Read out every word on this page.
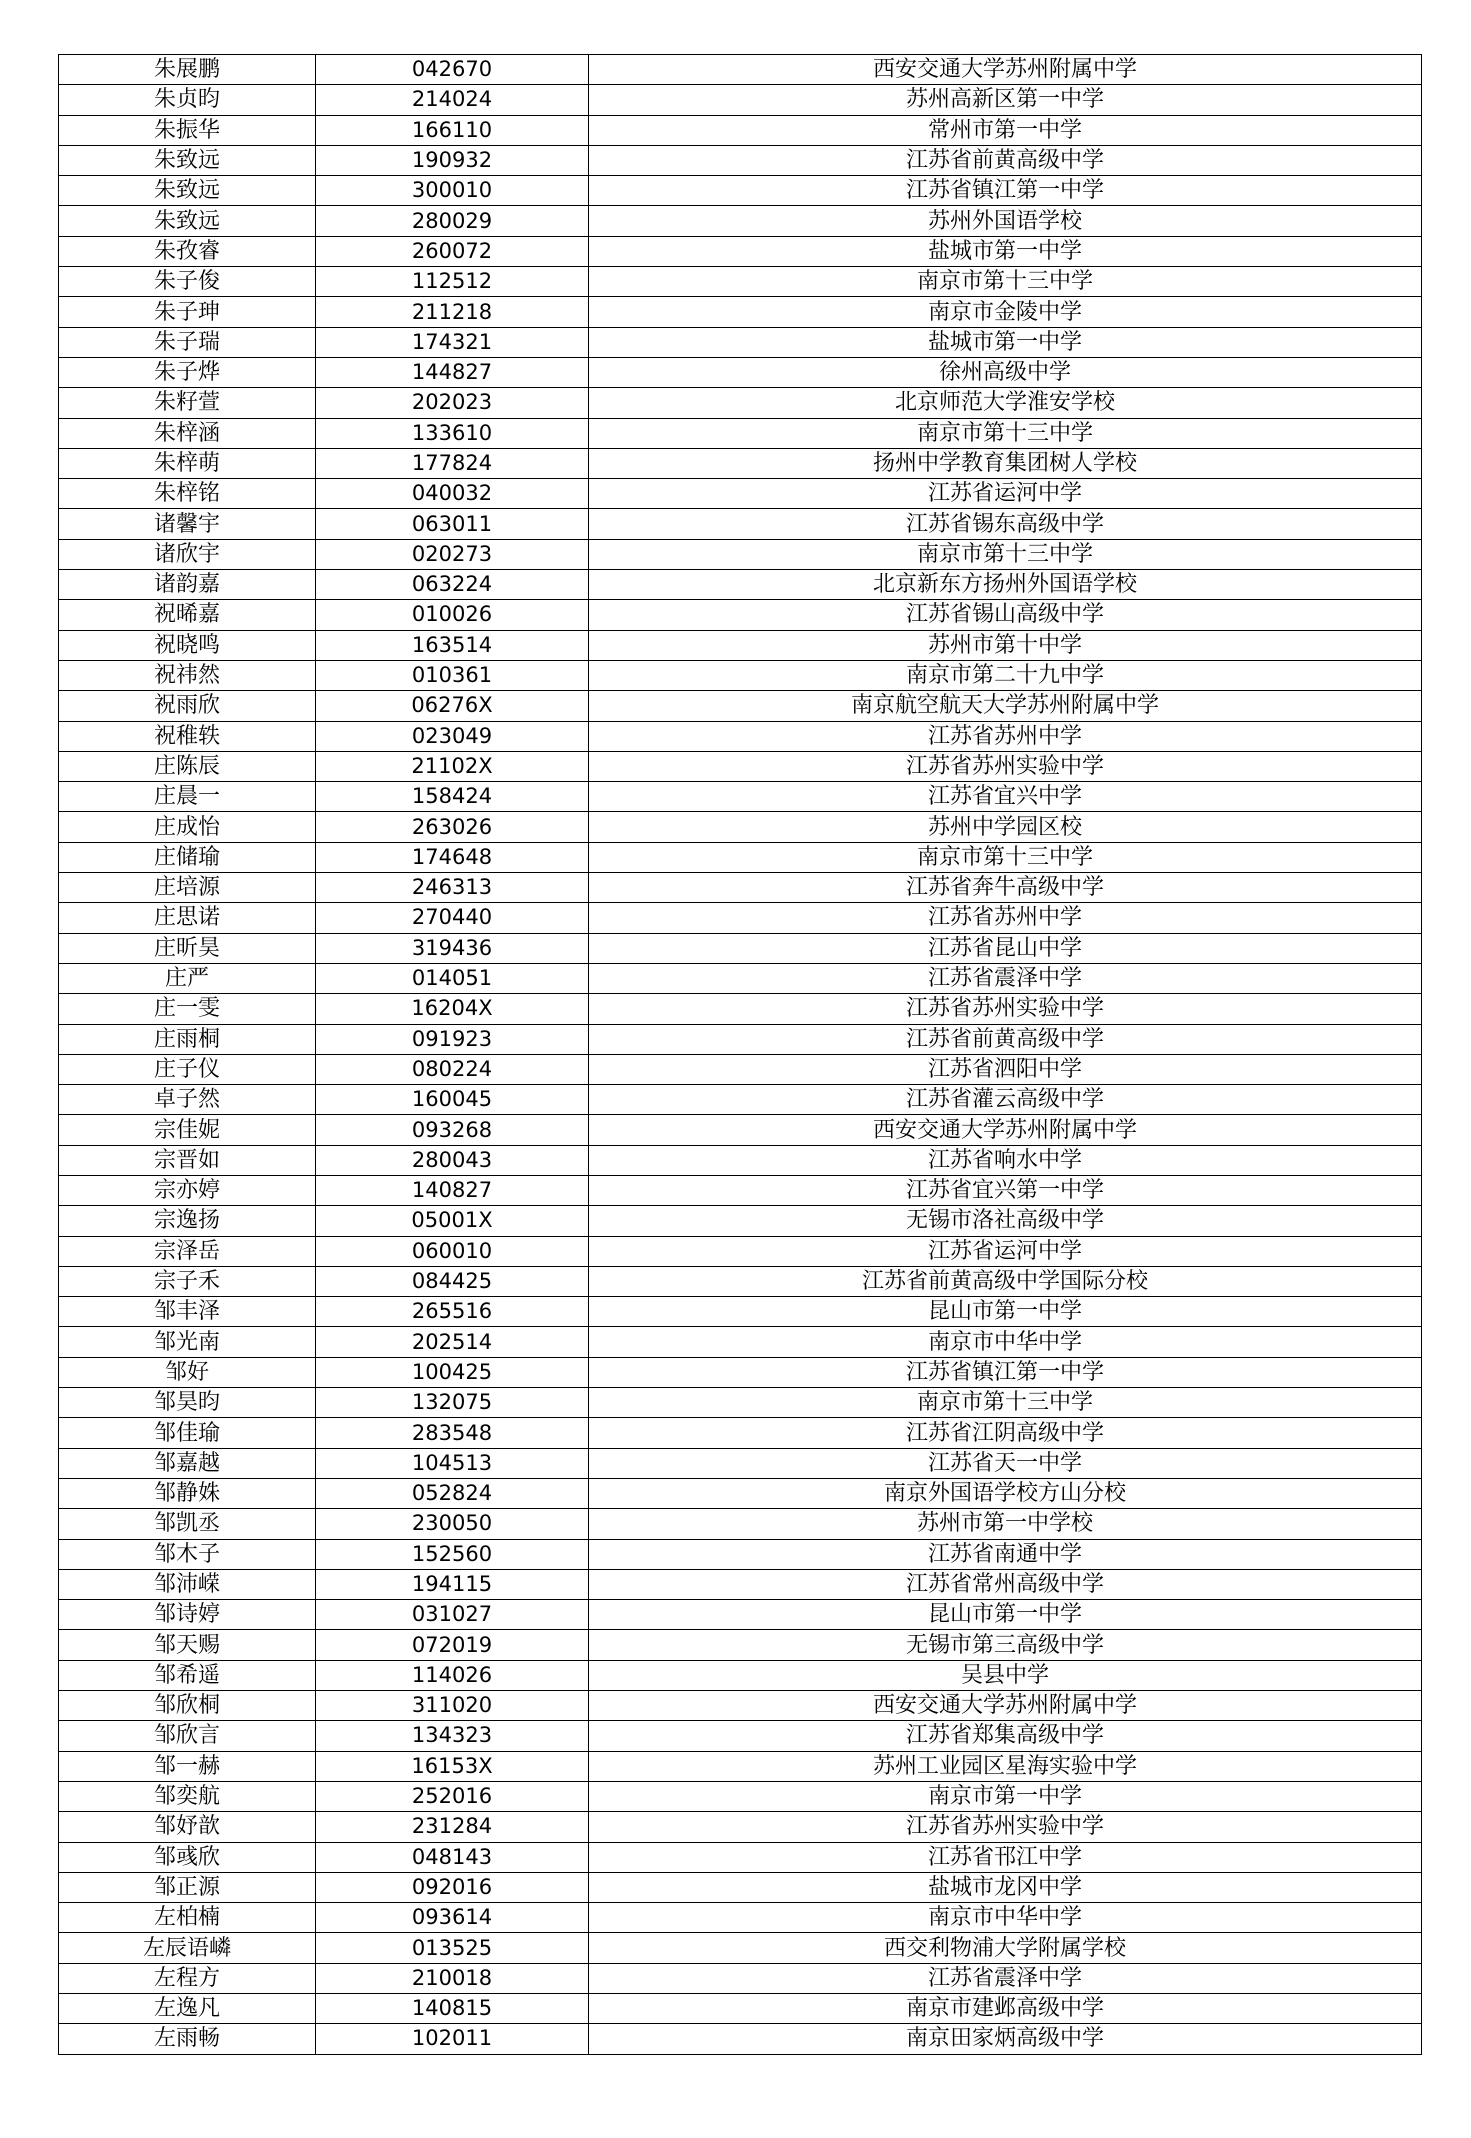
朱展鹏	042670	西安交通大学苏州附属中学
朱贞昀	214024	苏州高新区第一中学
朱振华	166110	常州市第一中学
朱致远	190932	江苏省前黄高级中学
朱致远	300010	江苏省镇江第一中学
朱致远	280029	苏州外国语学校
朱孜睿	260072	盐城市第一中学
朱子俊	112512	南京市第十三中学
朱子珅	211218	南京市金陵中学
朱子瑞	174321	盐城市第一中学
朱子烨	144827	徐州高级中学
朱籽萱	202023	北京师范大学淮安学校
朱梓涵	133610	南京市第十三中学
朱梓萌	177824	扬州中学教育集团树人学校
朱梓铭	040032	江苏省运河中学
诸馨宇	063011	江苏省锡东高级中学
诸欣宇	020273	南京市第十三中学
诸韵嘉	063224	北京新东方扬州外国语学校
祝晞嘉	010026	江苏省锡山高级中学
祝晓鸣	163514	苏州市第十中学
祝祎然	010361	南京市第二十九中学
祝雨欣	06276X	南京航空航天大学苏州附属中学
祝稚轶	023049	江苏省苏州中学
庄陈辰	21102X	江苏省苏州实验中学
庄晨一	158424	江苏省宜兴中学
庄成怡	263026	苏州中学园区校
庄储瑜	174648	南京市第十三中学
庄培源	246313	江苏省奔牛高级中学
庄思诺	270440	江苏省苏州中学
庄昕昊	319436	江苏省昆山中学
庄严	014051	江苏省震泽中学
庄一雯	16204X	江苏省苏州实验中学
庄雨桐	091923	江苏省前黄高级中学
庄子仪	080224	江苏省泗阳中学
卓子然	160045	江苏省灌云高级中学
宗佳妮	093268	西安交通大学苏州附属中学
宗晋如	280043	江苏省响水中学
宗亦婷	140827	江苏省宜兴第一中学
宗逸扬	05001X	无锡市洛社高级中学
宗泽岳	060010	江苏省运河中学
宗子禾	084425	江苏省前黄高级中学国际分校
邹丰泽	265516	昆山市第一中学
邹光南	202514	南京市中华中学
邹好	100425	江苏省镇江第一中学
邹昊昀	132075	南京市第十三中学
邹佳瑜	283548	江苏省江阴高级中学
邹嘉越	104513	江苏省天一中学
邹静姝	052824	南京外国语学校方山分校
邹凯丞	230050	苏州市第一中学校
邹木子	152560	江苏省南通中学
邹沛嵘	194115	江苏省常州高级中学
邹诗婷	031027	昆山市第一中学
邹天赐	072019	无锡市第三高级中学
邹希遥	114026	吴县中学
邹欣桐	311020	西安交通大学苏州附属中学
邹欣言	134323	江苏省郑集高级中学
邹一赫	16153X	苏州工业园区星海实验中学
邹奕航	252016	南京市第一中学
邹妤歆	231284	江苏省苏州实验中学
邹彧欣	048143	江苏省邗江中学
邹正源	092016	盐城市龙冈中学
左柏楠	093614	南京市中华中学
左辰语嶙	013525	西交利物浦大学附属学校
左程方	210018	江苏省震泽中学
左逸凡	140815	南京市建邺高级中学
左雨畅	102011	南京田家炳高级中学
